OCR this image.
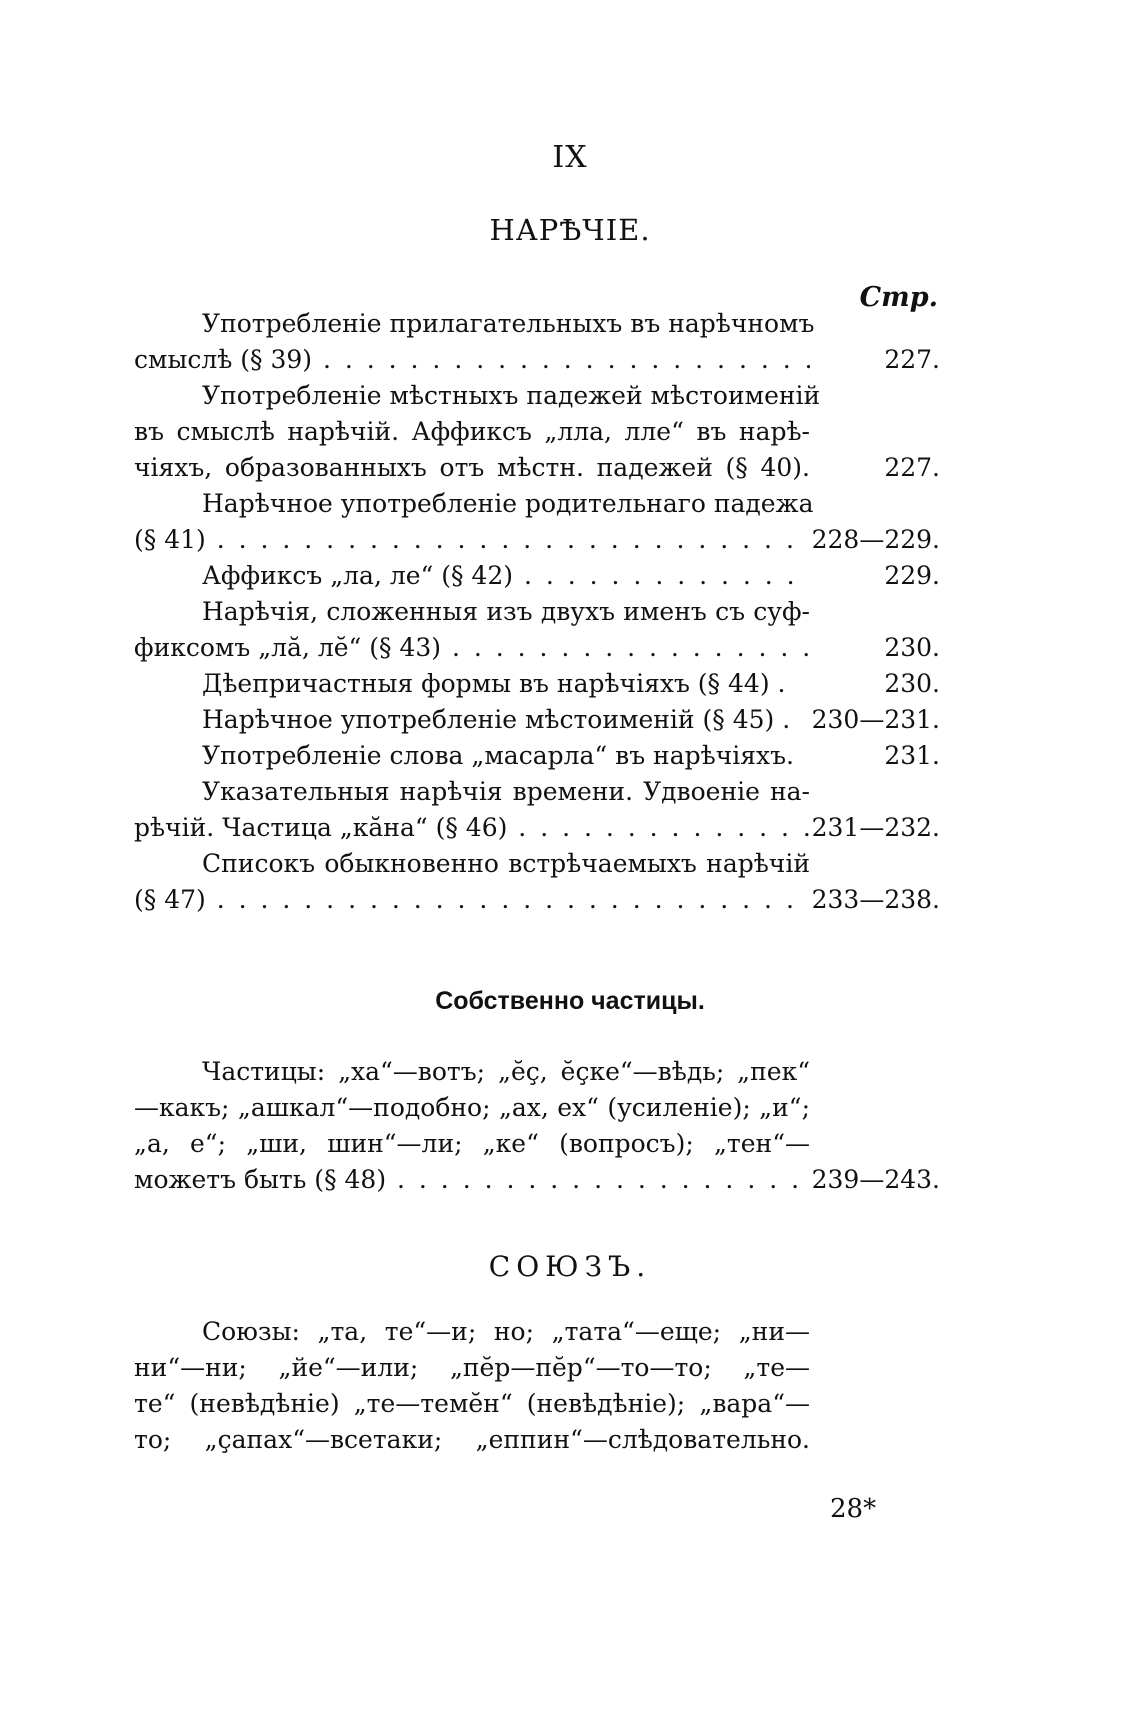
IX
НАРѢЧІЕ.
Стр.
Употребленіе прилагательныхъ въ нарѣчномъ
смыслѣ (§ 39) . . .	227.
Употребленіе мѣстныхъ падежей мѣстоименій
въ смыслѣ нарѣчій. Аффиксъ „лла, лле“ въ нарѣ-
чіяхъ, образованныхъ отъ мѣстн. падежей (§ 40).	227.
Нарѣчное употребленіе родительнаго падежа
(§ 41) . . .	228—229.
Аффиксъ „ла, ле“ (§ 42) . . .	229.
Нарѣчія, сложенныя изъ двухъ именъ съ суф-
фиксомъ „лă, лĕ“ (§ 43) . . .	230.
Дѣепричастныя формы въ нарѣчіяхъ (§ 44) .	230.
Нарѣчное употребленіе мѣстоименій (§ 45) . 230—231.
Употребленіе слова „масарла“ въ нарѣчіяхъ.	231.
Указательныя нарѣчія времени. Удвоеніе на-
рѣчій. Частица „кăна“ (§ 46) . . .	231—232.
Списокъ обыкновенно встрѣчаемыхъ нарѣчій
(§ 47) . . .	233—238.
Собственно частицы.
Частицы: „ха“—вотъ; „ĕç, ĕçке“—вѣдь; „пек“
—какъ; „ашкал“—подобно; „ах, ех“ (усиленіе); „и“;
„а, е“; „ши, шин“—ли; „ке“ (вопросъ); „тен“—
можетъ быть (§ 48) . . .	239—243.
СОЮЗЪ.
Союзы: „та, те“—и; но; „тата“—еще; „ни—
ни“—ни; „йе“—или; „пĕр—пĕр“—то—то; „те—
те“ (невѣдѣніе) „те—темĕн“ (невѣдѣніе); „вара“—
то; „çапах“—всетаки; „еппин“—слѣдовательно.
28*
